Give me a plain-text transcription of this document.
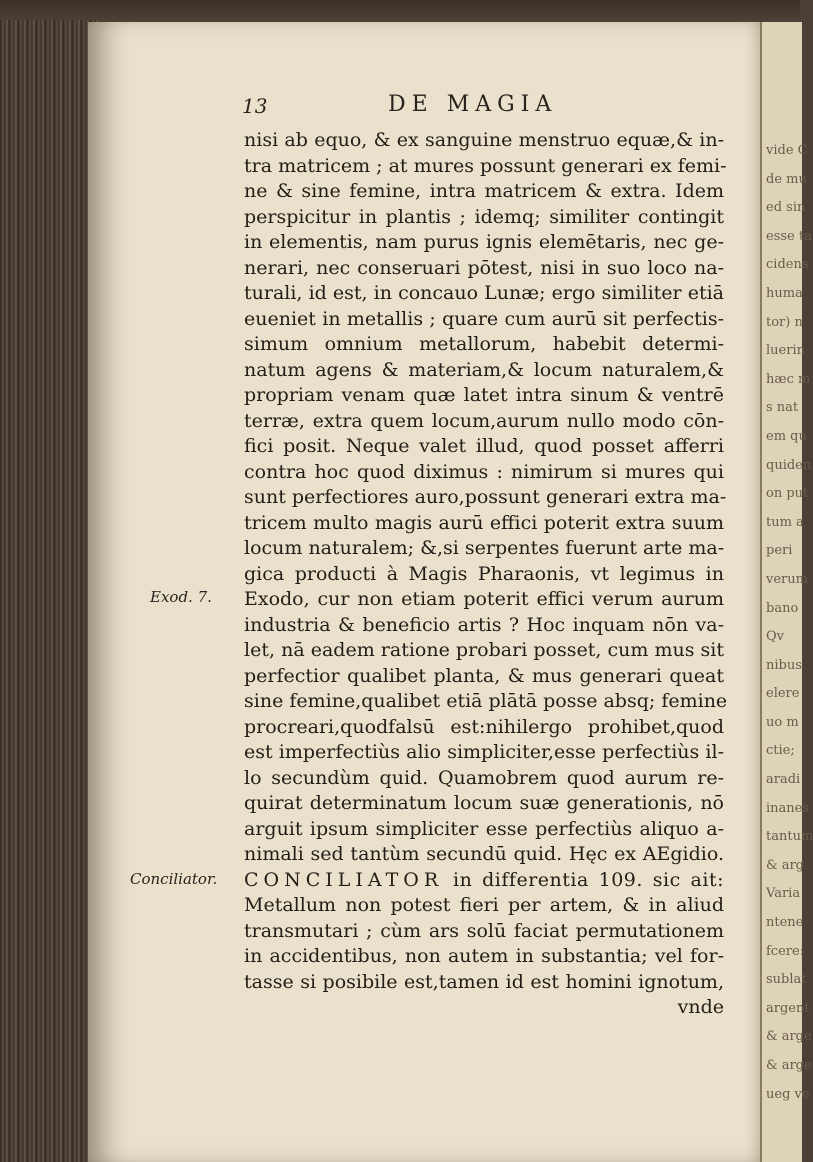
vide C
de mu
ed sin
esse ta
cidens
huma
tor) n
luerin
hæc m
s nat
em qu
quiden
on put
tum a
peri
verum
bano
Qv
nibus
elere
uo m
ctie;
aradi
inanes
tantum
& arg
Varia
ntene
fcere:
sublat
argent
& arge
& arge
ueg ve
13	DE MAGIA
Exod. 7.
Conciliator.
nisi ab equo, & ex sanguine menstruo equæ,& in-
tra matricem ; at mures possunt generari ex femi-
ne & sine femine, intra matricem & extra. Idem
perspicitur in plantis ; idemq; similiter contingit
in elementis, nam purus ignis elemētaris, nec ge-
nerari, nec conseruari pōtest, nisi in suo loco na-
turali, id est, in concauo Lunæ; ergo similiter etiā
eueniet in metallis ; quare cum aurū sit perfectis-
simum omnium metallorum, habebit determi-
natum agens & materiam,& locum naturalem,&
propriam venam quæ latet intra sinum & ventrē
terræ, extra quem locum,aurum nullo modo cōn-
fici posit. Neque valet illud, quod posset afferri
contra hoc quod diximus : nimirum si mures qui
sunt perfectiores auro,possunt generari extra ma-
tricem multo magis aurū effici poterit extra suum
locum naturalem; &,si serpentes fuerunt arte ma-
gica producti à Magis Pharaonis, vt legimus in
Exodo, cur non etiam poterit effici verum aurum
industria & beneficio artis ? Hoc inquam nōn va-
let, nā eadem ratione probari posset, cum mus sit
perfectior qualibet planta, & mus generari queat
sine femine,qualibet etiā plātā posse absq; femine
procreari,quodfalsū est:nihilergo prohibet,quod
est imperfectiùs alio simpliciter,esse perfectiùs il-
lo secundùm quid. Quamobrem quod aurum re-
quirat determinatum locum suæ generationis, nō
arguit ipsum simpliciter esse perfectiùs aliquo a-
nimali sed tantùm secundū quid. Hęc ex AEgidio.
CONCILIATOR in differentia 109. sic ait:
Metallum non potest fieri per artem, & in aliud
transmutari ; cùm ars solū faciat permutationem
in accidentibus, non autem in substantia; vel for-
tasse si posibile est,tamen id est homini ignotum,
vnde
